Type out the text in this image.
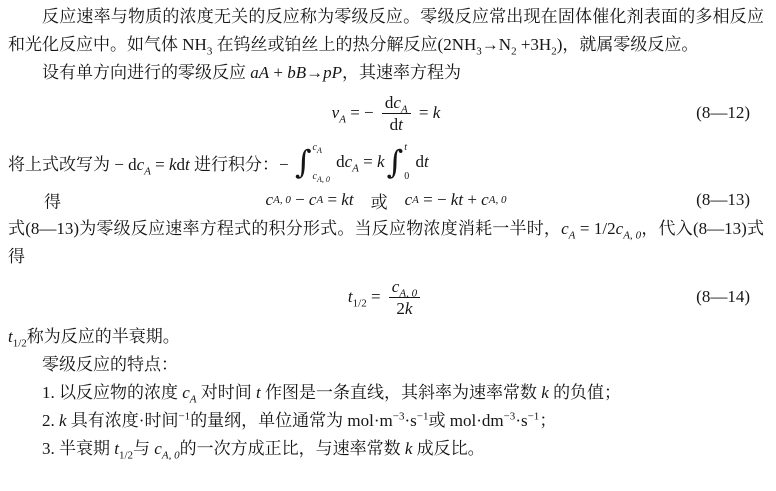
反应速率与物质的浓度无关的反应称为零级反应。零级反应常出现在固体催化剂表面的多相反应和光化反应中。如气体 $NH_3$ 在钨丝或铂丝上的热分解反应$(2NH_3\to N_2 +3H_2)$，就属零级反应。

设有单方向进行的零级反应 aA + bB→pP，其速率方程为

$v_A$ = − $\frac{dc_A}{dt} = k$	(8—12)
将上式改写为 − $dc_A$ = kdt 进行积分：− ∫ $c_A$
$c_{A, 0}$
$dc_A = k$ ∫ t
0
dt
得	c A, 0 − c A = kt 　或　 c A = − kt + c A, 0	(8—13)

式(8—13)为零级反应速率方程式的积分形式。当反应物浓度消耗一半时，$c_A = 1/2c_{A, 0}$，代入(8—13)式得

$t_{1/2} = \frac{c_{A, 0}}{2k}$	(8—14)

$t_{1/2}$称为反应的半衰期。

零级反应的特点：

1. 以反应物的浓度 $c_A$ 对时间 t 作图是一条直线，其斜率为速率常数 k 的负值；

2. k 具有浓度·时间$^{-1}$的量纲，单位通常为 $mol\cdot m^{-3}\cdot s^{-1}$或 $mol\cdot dm^{-3}\cdot s^{-1}$；

3. 半衰期 $t_{1/2}$与 $c_{A, 0}$的一次方成正比，与速率常数 k 成反比。
